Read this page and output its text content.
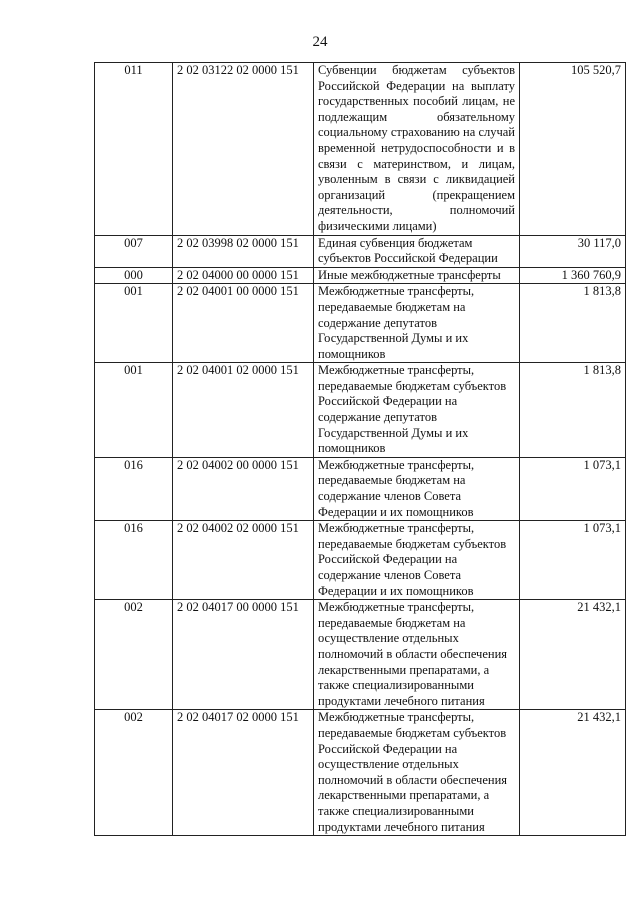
24
011	2 02 03122 02 0000 151	Субвенции бюджетам субъектов Российской Федерации на выплату государственных пособий лицам, не подлежащим обязательному социальному страхованию на случай временной нетрудоспособности и в связи с материнством, и лицам, уволенным в связи с ликвидацией организаций (прекращением деятельности, полномочий физическими лицами)	105 520,7
007	2 02 03998 02 0000 151	Единая субвенция бюджетам субъектов Российской Федерации	30 117,0
000	2 02 04000 00 0000 151	Иные межбюджетные трансферты	1 360 760,9
001	2 02 04001 00 0000 151	Межбюджетные трансферты, передаваемые бюджетам на содержание депутатов Государственной Думы и их помощников	1 813,8
001	2 02 04001 02 0000 151	Межбюджетные трансферты, передаваемые бюджетам субъектов Российской Федерации на содержание депутатов Государственной Думы и их помощников	1 813,8
016	2 02 04002 00 0000 151	Межбюджетные трансферты, передаваемые бюджетам на содержание членов Совета Федерации и их помощников	1 073,1
016	2 02 04002 02 0000 151	Межбюджетные трансферты, передаваемые бюджетам субъектов Российской Федерации на содержание членов Совета Федерации и их помощников	1 073,1
002	2 02 04017 00 0000 151	Межбюджетные трансферты, передаваемые бюджетам на осуществление отдельных полномочий в области обеспечения лекарственными препаратами, а также специализированными продуктами лечебного питания	21 432,1
002	2 02 04017 02 0000 151	Межбюджетные трансферты, передаваемые бюджетам субъектов Российской Федерации на осуществление отдельных полномочий в области обеспечения лекарственными препаратами, а также специализированными продуктами лечебного питания	21 432,1
